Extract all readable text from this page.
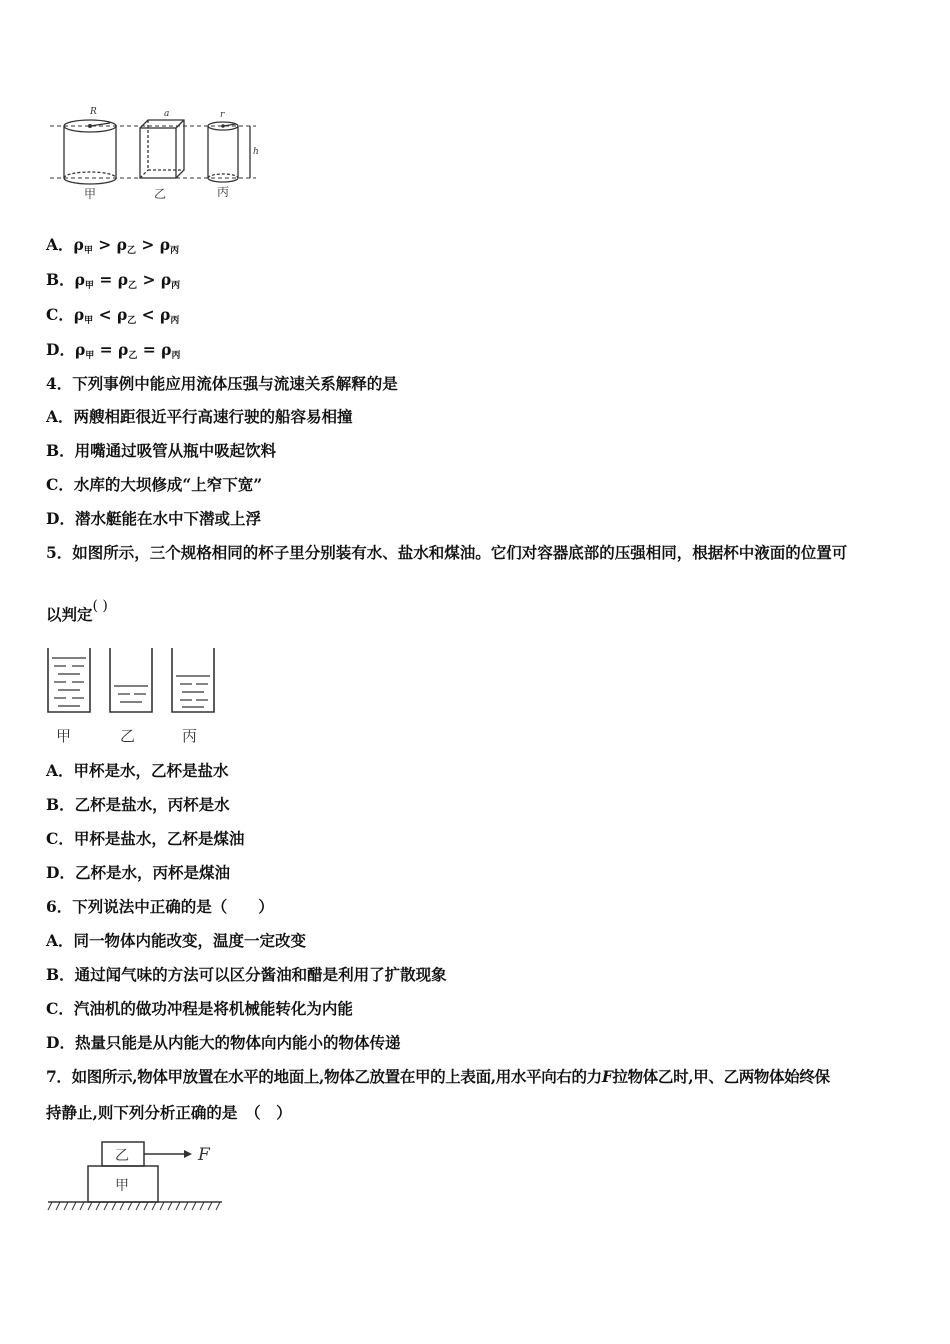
R	a	r
h
甲	乙	丙
A．ρ甲 > ρ乙 > ρ丙
B．ρ甲 = ρ乙 > ρ丙
C．ρ甲 < ρ乙 < ρ丙
D．ρ甲 = ρ乙 = ρ丙
4．下列事例中能应用流体压强与流速关系解释的是
A．两艘相距很近平行高速行驶的船容易相撞
B．用嘴通过吸管从瓶中吸起饮料
C．水库的大坝修成“上窄下宽”
D．潜水艇能在水中下潜或上浮
5．如图所示，三个规格相同的杯子里分别装有水、盐水和煤油。它们对容器底部的压强相同，根据杯中液面的位置可
以判定( )
甲	乙	丙
A．甲杯是水，乙杯是盐水
B．乙杯是盐水，丙杯是水
C．甲杯是盐水，乙杯是煤油
D．乙杯是水，丙杯是煤油
6．下列说法中正确的是（　　）
A．同一物体内能改变，温度一定改变
B．通过闻气味的方法可以区分酱油和醋是利用了扩散现象
C．汽油机的做功冲程是将机械能转化为内能
D．热量只能是从内能大的物体向内能小的物体传递
7．如图所示,物体甲放置在水平的地面上,物体乙放置在甲的上表面,用水平向右的力F拉物体乙时,甲、乙两物体始终保
持静止,则下列分析正确的是　（　）
乙
甲
F
